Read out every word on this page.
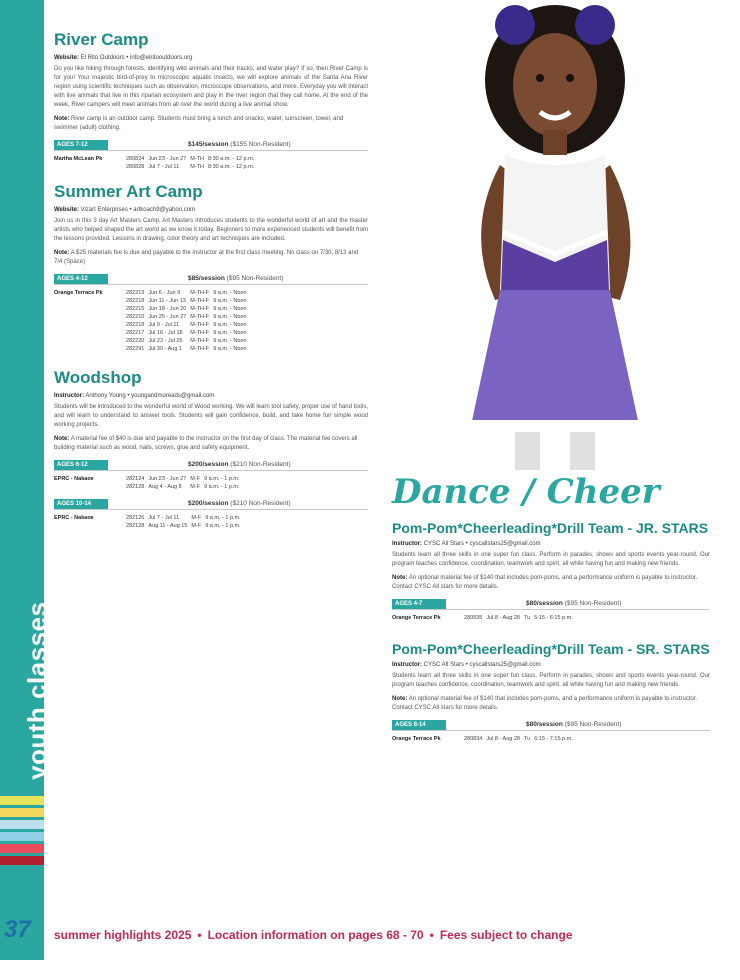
youth classes
37
River Camp
Website: El Rito Outdoors • info@elritooutdoors.org
Do you like hiking through forests, identifying wild animals and their tracks, and water play? If so, then River Camp is for you! Your majestic bird-of-prey to microscopic aquatic insects, we will explore animals of the Santa Ana River region using scientific techniques such as observation, microscope observations, and more. Everyday you will interact with live animals that live in this riparian ecosystem and play in the river region that they call home. At the end of the week, River campers will meet animals from all over the world during a live animal show.
Note: River camp is an outdoor camp. Students must bring a lunch and snacks, water, sunscreen, towel, and swimmer (adult) clothing.
AGES 7-12	$145/session ($155 Non-Resident)
Martha McLean Pk	280824	Jun 23 - Jun 27	M-TH	8:30 a.m. - 12 p.m.
	280828	Jul 7 - Jul 11	M-TH	8:30 a.m. - 12 p.m.
Summer Art Camp
Website: Vizart Enterprises • artkoach9@yahoo.com
Join us in this 3 day Art Masters Camp. Art Masters introduces students to the wonderful world of art and the master artists who helped shaped the art world as we know it today. Beginners to more experienced students will benefit from the lessons provided. Lessons in drawing, color theory and art techniques are included.
Note: A $25 materials fee is due and payable to the instructor at the first class meeting. No class on 7/30, 8/13 and 7/4 (Space)
AGES 4-12	$85/session ($95 Non-Resident)
Orange Terrace Pk	282213	Jun 6 - Jun 9	M-TH-F	9 a.m. - Noon
	282218	Jun 11 - Jun 13	M-TH-F	9 a.m. - Noon
	282215	Jun 18 - Jun 20	M-TH-F	9 a.m. - Noon
	282210	Jun 25 - Jun 27	M-TH-F	9 a.m. - Noon
	282218	Jul 9 - Jul 11	M-TH-F	9 a.m. - Noon
	282217	Jul 16 - Jul 18	M-TH-F	9 a.m. - Noon
	282220	Jul 23 - Jul 25	M-TH-F	9 a.m. - Noon
	282291	Jul 30 - Aug 1	M-TH-F	9 a.m. - Noon
Woodshop
Instructor: Anthony Young • youngandmoreads@gmail.com
Students will be introduced to the wonderful world of Wood working. We will learn tool safety, proper use of hand tools, and will learn to understand to answer tools. Students will gain confidence, build, and take home fun simple wood working projects.
Note: A material fee of $40 is due and payable to the instructor on the first day of class. The material fee covers all building material such as wood, nails, screws, glue and safety equipment.
AGES 6-12	$200/session ($210 Non-Resident)
EPRC - Nakaoe	282124	Jun 23 - Jun 27	M-F	9 a.m. - 1 p.m.
	282128	Aug 4 - Aug 8	M-F	9 a.m. - 1 p.m.
AGES 10-14	$200/session ($210 Non-Resident)
EPRC - Nakaoe	282126	Jul 7 - Jul 11	M-F	9 a.m. - 1 p.m.
	282128	Aug 11 - Aug 15	M-F	9 a.m. - 1 p.m.
Dance / Cheer
Pom-Pom*Cheerleading*Drill Team - JR. STARS
Instructor: CYSC All Stars • cyscallstars25@gmail.com
Students learn all three skills in one super fun class. Perform in parades, shows and sports events year-round. Our program teaches confidence, coordination, teamwork and spirit, all while having fun and making new friends.
Note: An optional material fee of $140 that includes pom-poms, and a performance uniform is payable to instructor. Contact CYSC All stars for more details.
AGES 4-7	$80/session ($95 Non-Resident)
Orange Terrace Pk	280835	Jul 8 - Aug 28	Tu	5:15 - 6:15 p.m.
Pom-Pom*Cheerleading*Drill Team - SR. STARS
Instructor: CYSC All Stars • cyscallstars25@gmail.com
Students learn all three skills in one super fun class. Perform in parades, shows and sports events year-round. Our program teaches confidence, coordination, teamwork and spirit, all while having fun and making new friends.
Note: An optional material fee of $140 that includes pom-poms, and a performance uniform is payable to instructor. Contact CYSC All stars for more details.
AGES 8-14	$80/session ($95 Non-Resident)
Orange Terrace Pk	280834	Jul 8 - Aug 28	Tu	6:15 - 7:15 p.m.
summer highlights 2025 • Location information on pages 68 - 70 • Fees subject to change
